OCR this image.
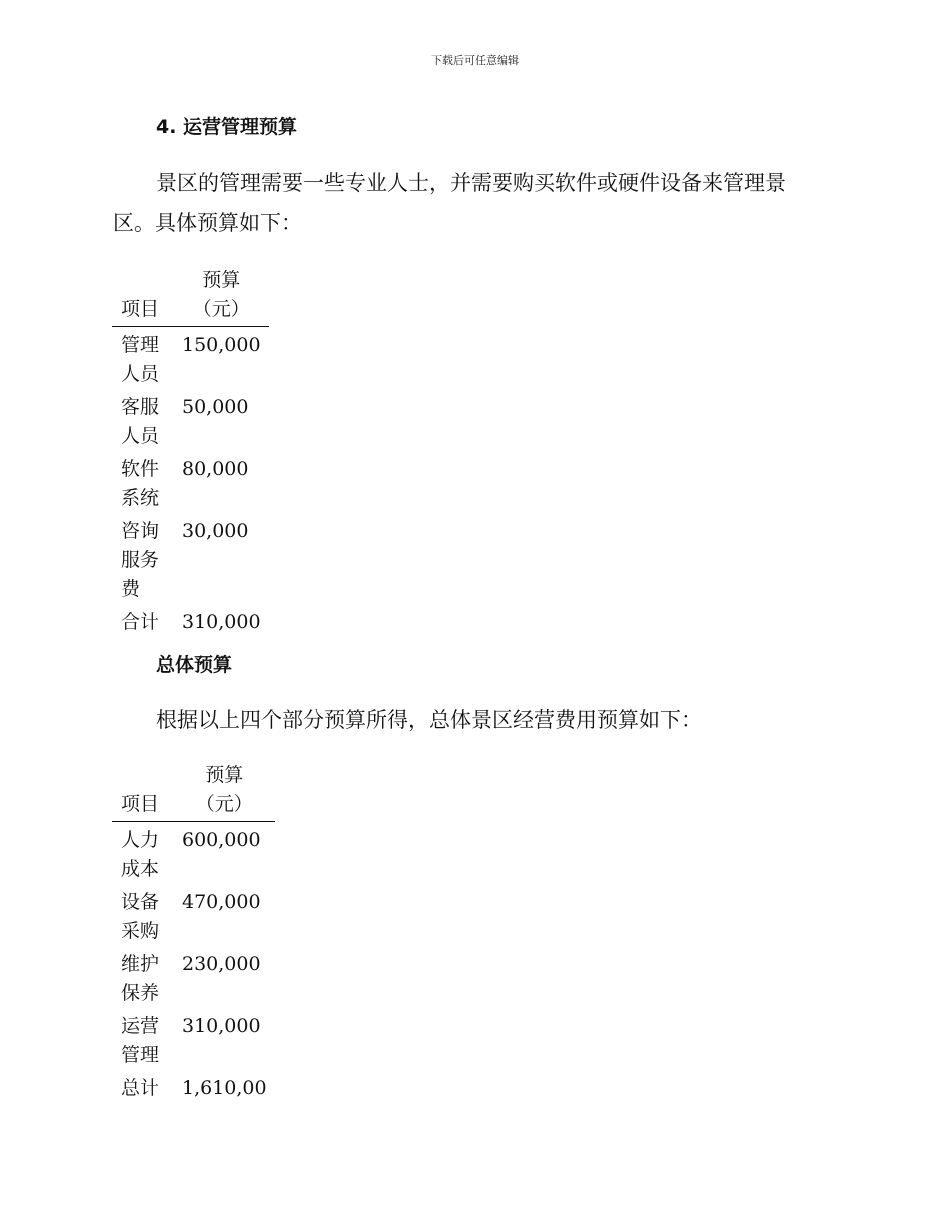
下载后可任意编辑
4. 运营管理预算

景区的管理需要一些专业人士，并需要购买软件或硬件设备来管理景区。具体预算如下：

项目	预算（元）
管理人员	150,000
客服人员	50,000
软件系统	80,000
咨询服务费	30,000
合计	310,000
总体预算

根据以上四个部分预算所得，总体景区经营费用预算如下：

项目	预算（元）
人力成本	600,000
设备采购	470,000
维护保养	230,000
运营管理	310,000
总计	1,610,00
